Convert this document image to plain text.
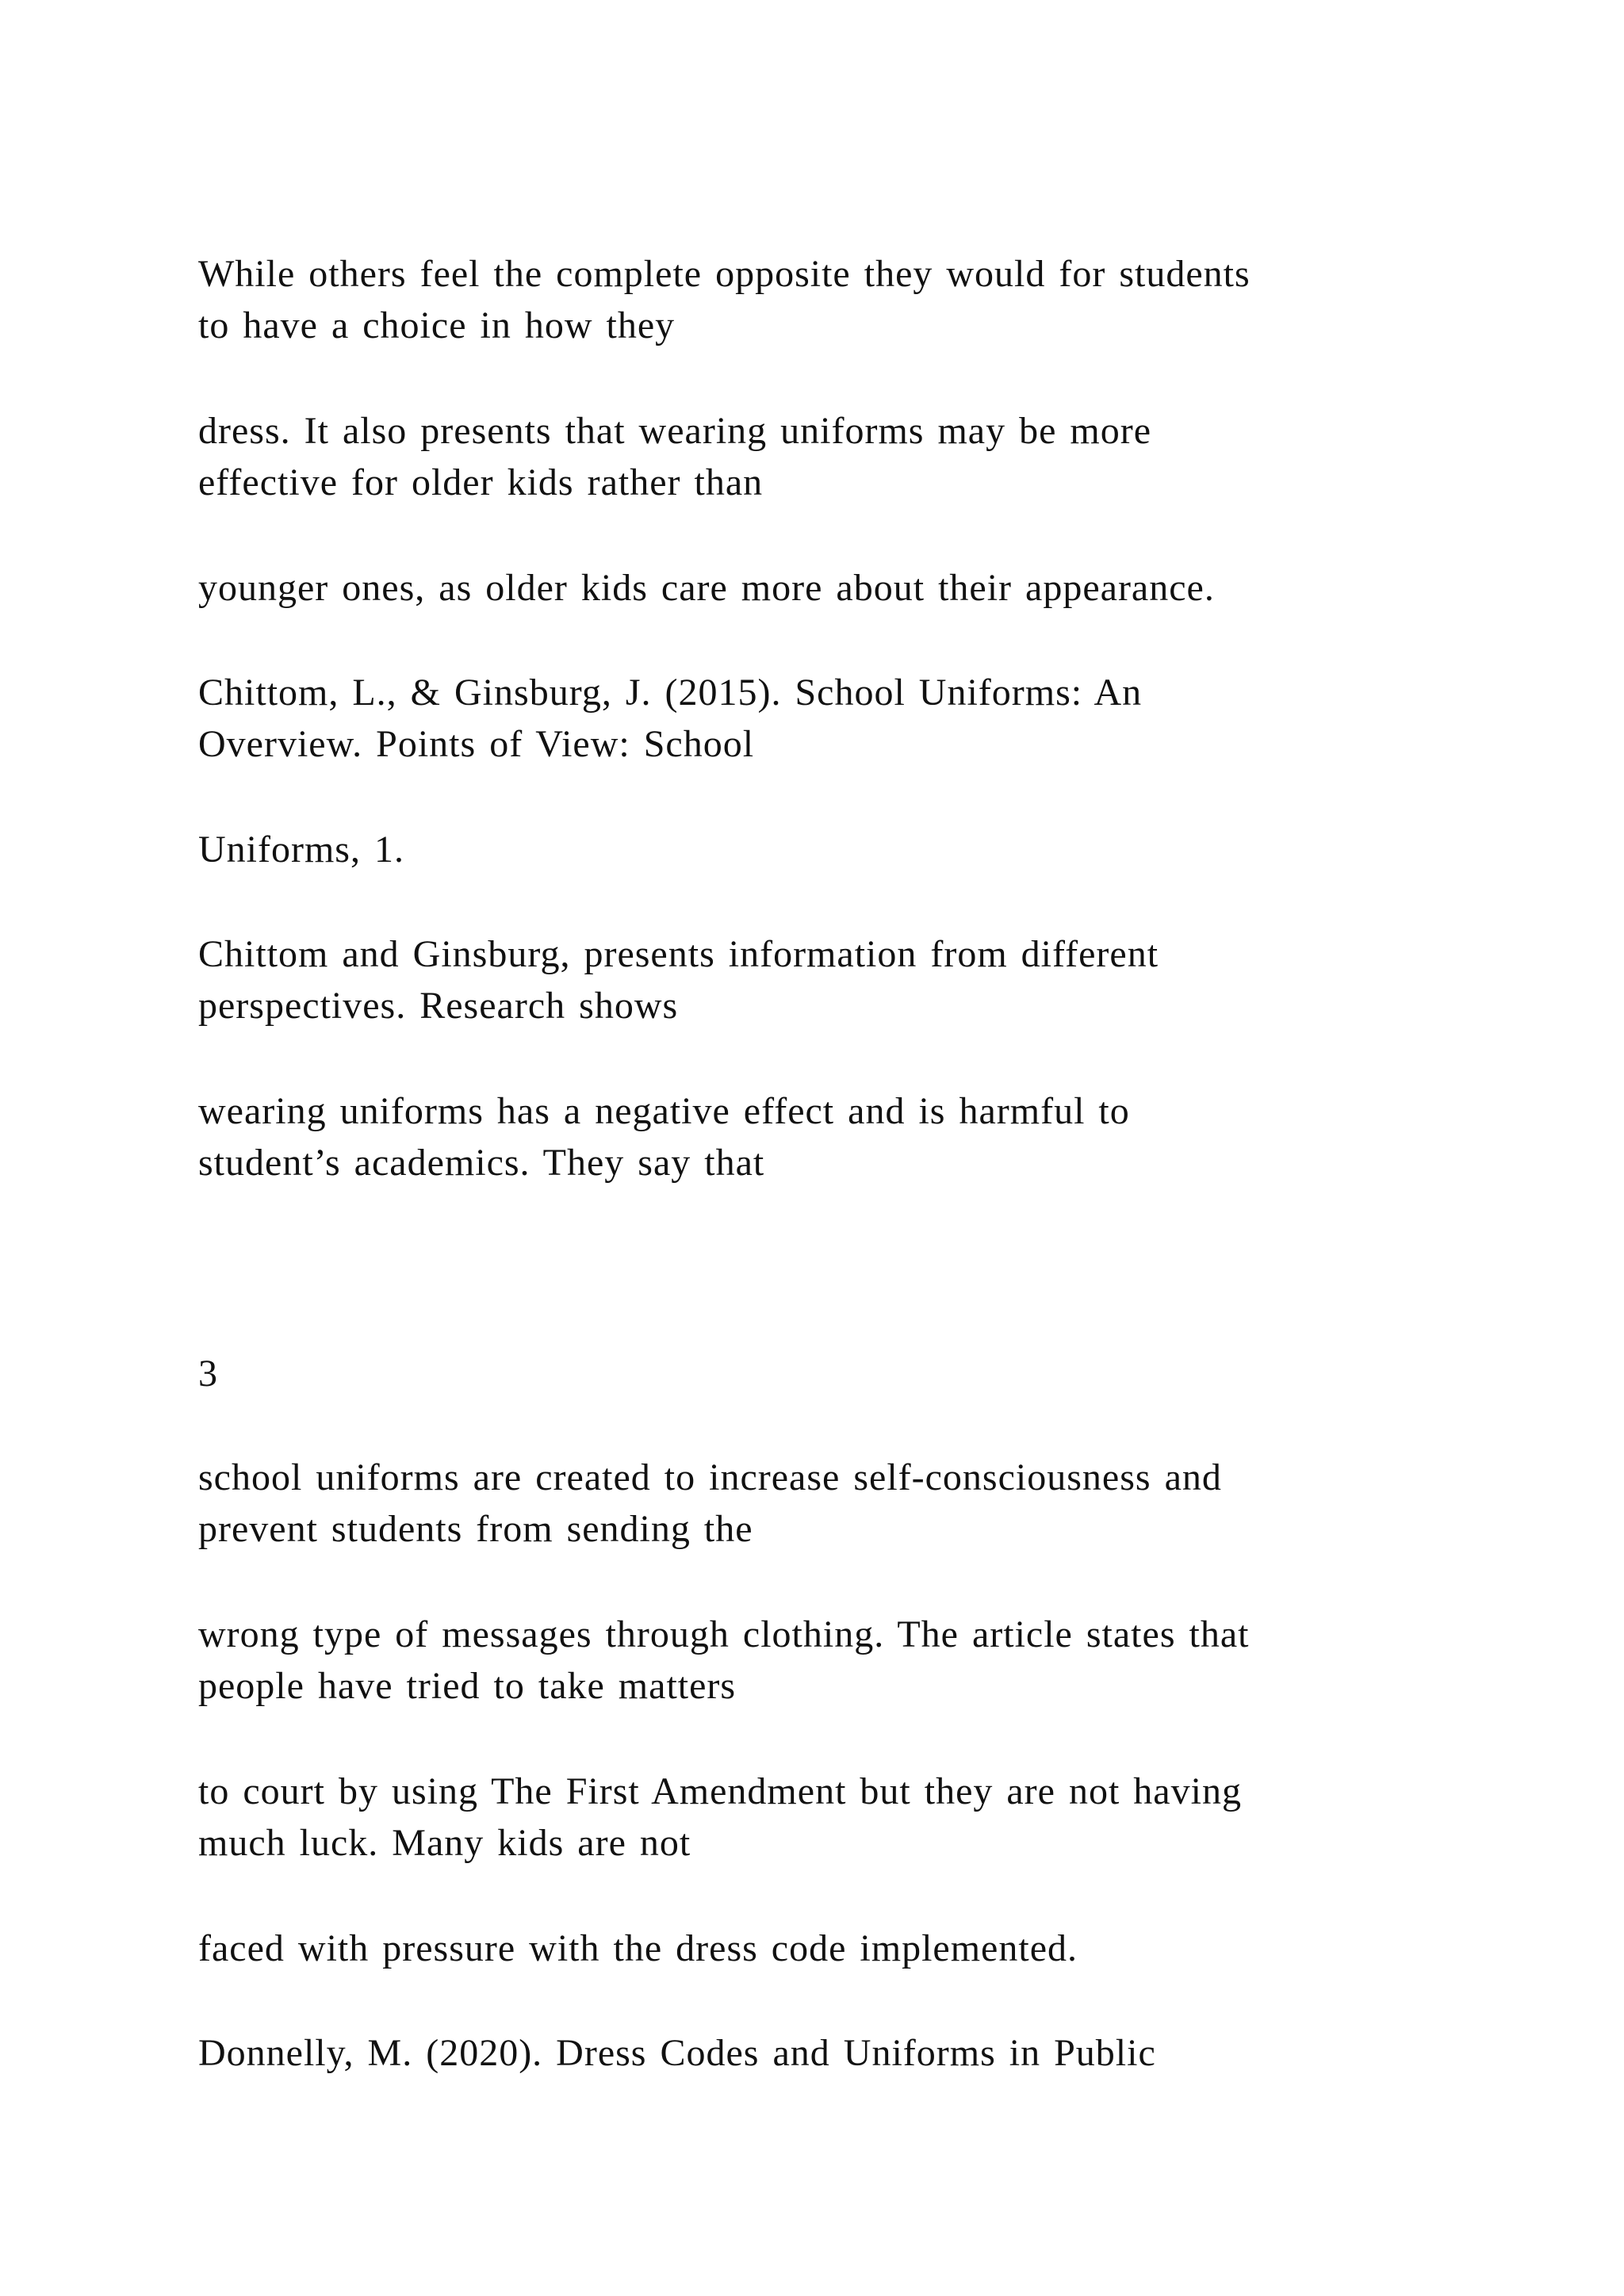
While others feel the complete opposite they would for students
to have a choice in how they

dress. It also presents that wearing uniforms may be more
effective for older kids rather than

younger ones, as older kids care more about their appearance.

Chittom, L., & Ginsburg, J. (2015). School Uniforms: An
Overview. Points of View: School

Uniforms, 1.

Chittom and Ginsburg, presents information from different
perspectives. Research shows

wearing uniforms has a negative effect and is harmful to
student’s academics. They say that

3

school uniforms are created to increase self-consciousness and
prevent students from sending the

wrong type of messages through clothing. The article states that
people have tried to take matters

to court by using The First Amendment but they are not having
much luck. Many kids are not

faced with pressure with the dress code implemented.

Donnelly, M. (2020). Dress Codes and Uniforms in Public
